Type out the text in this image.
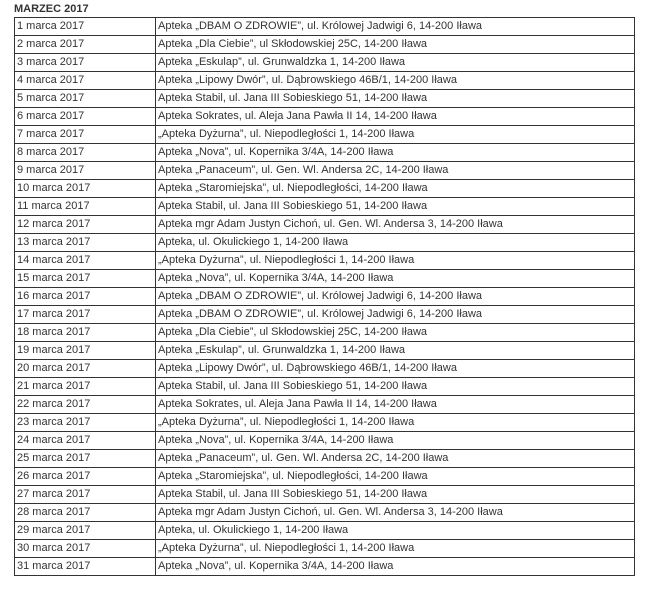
MARZEC 2017
1 marca 2017	Apteka „DBAM O ZDROWIE”, ul. Królowej Jadwigi 6, 14-200 Iława
2 marca 2017	Apteka „Dla Ciebie”, ul Skłodowskiej 25C, 14-200 Iława
3 marca 2017	Apteka „Eskulap”, ul. Grunwaldzka 1, 14-200 Iława
4 marca 2017	Apteka „Lipowy Dwór”, ul. Dąbrowskiego 46B/1, 14-200 Iława
5 marca 2017	Apteka Stabil, ul. Jana III Sobieskiego 51, 14-200 Iława
6 marca 2017	Apteka Sokrates, ul. Aleja Jana Pawła II 14, 14-200 Iława
7 marca 2017	„Apteka Dyżurna”, ul. Niepodległości 1, 14-200 Iława
8 marca 2017	Apteka „Nova”, ul. Kopernika 3/4A, 14-200 Iława
9 marca 2017	Apteka „Panaceum”, ul. Gen. Wl. Andersa 2C, 14-200 Iława
10 marca 2017	Apteka „Staromiejska”, ul. Niepodległości, 14-200 Iława
11 marca 2017	Apteka Stabil, ul. Jana III Sobieskiego 51, 14-200 Iława
12 marca 2017	Apteka mgr Adam Justyn Cichoń, ul. Gen. Wl. Andersa 3, 14-200 Iława
13 marca 2017	Apteka, ul. Okulickiego 1, 14-200 Iława
14 marca 2017	„Apteka Dyżurna”, ul. Niepodległości 1, 14-200 Iława
15 marca 2017	Apteka „Nova”, ul. Kopernika 3/4A, 14-200 Iława
16 marca 2017	Apteka „DBAM O ZDROWIE”, ul. Królowej Jadwigi 6, 14-200 Iława
17 marca 2017	Apteka „DBAM O ZDROWIE”, ul. Królowej Jadwigi 6, 14-200 Iława
18 marca 2017	Apteka „Dla Ciebie”, ul Skłodowskiej 25C, 14-200 Iława
19 marca 2017	Apteka „Eskulap”, ul. Grunwaldzka 1, 14-200 Iława
20 marca 2017	Apteka „Lipowy Dwór”, ul. Dąbrowskiego 46B/1, 14-200 Iława
21 marca 2017	Apteka Stabil, ul. Jana III Sobieskiego 51, 14-200 Iława
22 marca 2017	Apteka Sokrates, ul. Aleja Jana Pawła II 14, 14-200 Iława
23 marca 2017	„Apteka Dyżurna”, ul. Niepodległości 1, 14-200 Iława
24 marca 2017	Apteka „Nova”, ul. Kopernika 3/4A, 14-200 Iława
25 marca 2017	Apteka „Panaceum”, ul. Gen. Wl. Andersa 2C, 14-200 Iława
26 marca 2017	Apteka „Staromiejska”, ul. Niepodległości, 14-200 Iława
27 marca 2017	Apteka Stabil, ul. Jana III Sobieskiego 51, 14-200 Iława
28 marca 2017	Apteka mgr Adam Justyn Cichoń, ul. Gen. Wl. Andersa 3, 14-200 Iława
29 marca 2017	Apteka, ul. Okulickiego 1, 14-200 Iława
30 marca 2017	„Apteka Dyżurna”, ul. Niepodległości 1, 14-200 Iława
31 marca 2017	Apteka „Nova”, ul. Kopernika 3/4A, 14-200 Iława
